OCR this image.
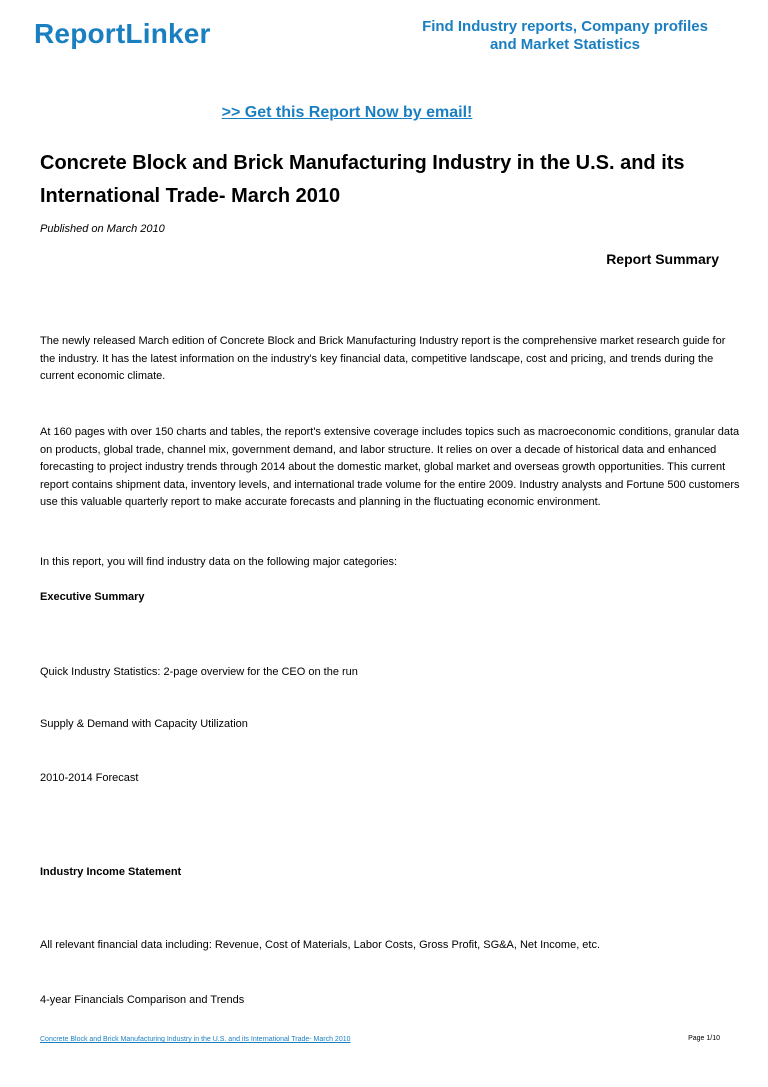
ReportLinker	Find Industry reports, Company profiles
and Market Statistics
>> Get this Report Now by email!
Concrete Block and Brick Manufacturing Industry in the U.S. and its International Trade- March 2010
Published on March 2010
Report Summary

The newly released March edition of Concrete Block and Brick Manufacturing Industry report is the comprehensive market research guide for the industry. It has the latest information on the industry's key financial data, competitive landscape, cost and pricing, and trends during the current economic climate.

At 160 pages with over 150 charts and tables, the report's extensive coverage includes topics such as macroeconomic conditions, granular data on products, global trade, channel mix, government demand, and labor structure. It relies on over a decade of historical data and enhanced forecasting to project industry trends through 2014 about the domestic market, global market and overseas growth opportunities. This current report contains shipment data, inventory levels, and international trade volume for the entire 2009. Industry analysts and Fortune 500 customers use this valuable quarterly report to make accurate forecasts and planning in the fluctuating economic environment.

In this report, you will find industry data on the following major categories:

Executive Summary

Quick Industry Statistics: 2-page overview for the CEO on the run

Supply & Demand with Capacity Utilization

2010-2014 Forecast

Industry Income Statement

All relevant financial data including: Revenue, Cost of Materials, Labor Costs, Gross Profit, SG&A, Net Income, etc.

4-year Financials Comparison and Trends

Concrete Block and Brick Manufacturing Industry in the U.S. and its International Trade- March 2010	Page 1/10
